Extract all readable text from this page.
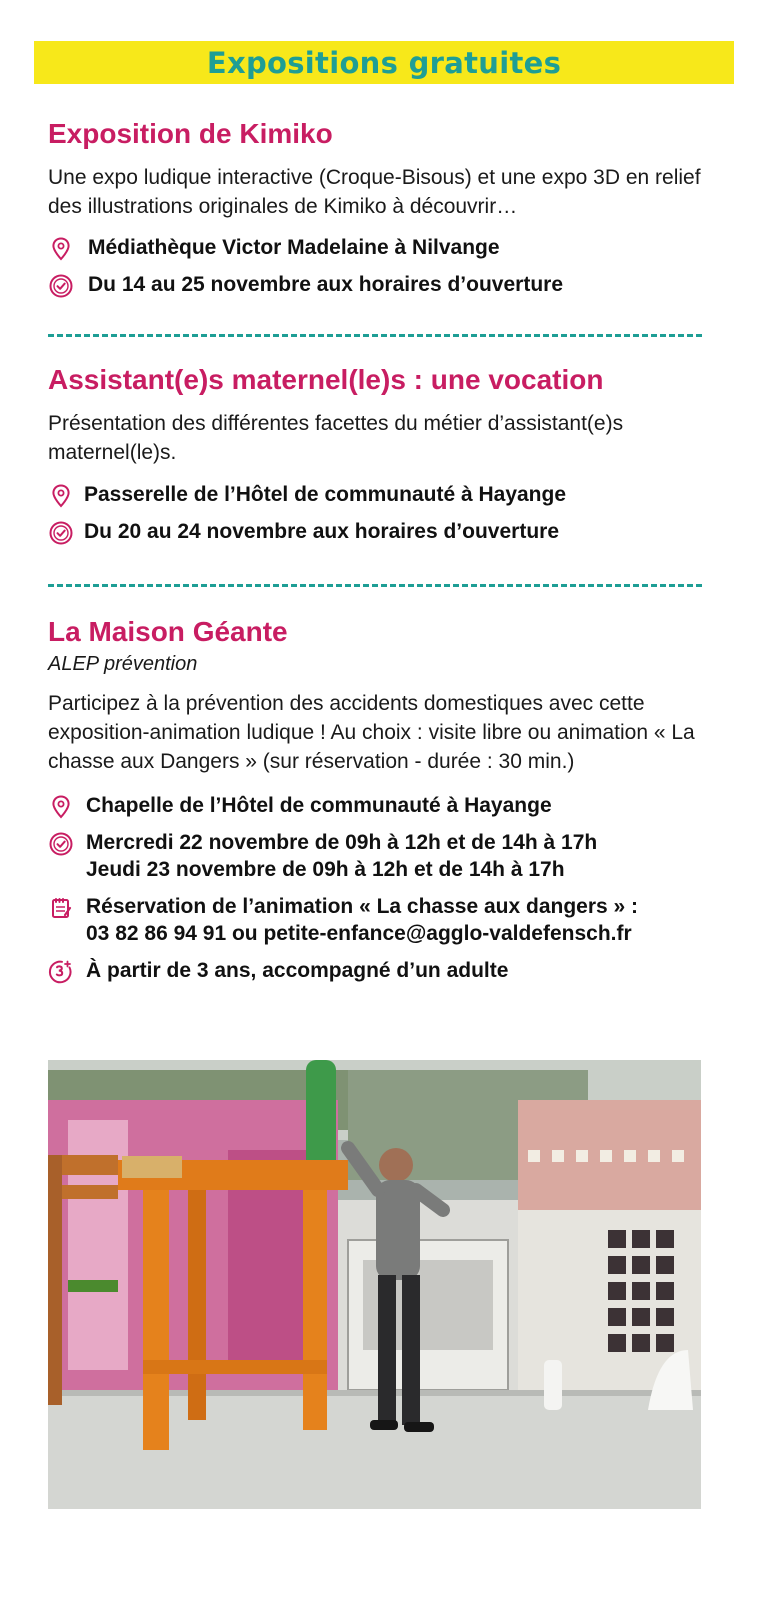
Expositions gratuites
Exposition de Kimiko

Une expo ludique interactive (Croque-Bisous) et une expo 3D en relief des illustrations originales de Kimiko à découvrir…

Médiathèque Victor Madelaine à Nilvange
Du 14 au 25 novembre aux horaires d’ouverture
Assistant(e)s maternel(le)s : une vocation

Présentation des différentes facettes du métier d’assistant(e)s maternel(le)s.

Passerelle de l’Hôtel de communauté à Hayange
Du 20 au 24 novembre aux horaires d’ouverture
La Maison Géante

ALEP prévention

Participez à la prévention des accidents domestiques avec cette exposition-animation ludique ! Au choix : visite libre ou animation « La chasse aux Dangers » (sur réservation - durée : 30 min.)

Chapelle de l’Hôtel de communauté à Hayange
Mercredi 22 novembre de 09h à 12h et de 14h à 17h
Jeudi 23 novembre de 09h à 12h et de 14h à 17h
Réservation de l’animation « La chasse aux dangers » :
03 82 86 94 91 ou petite-enfance@agglo-valdefensch.fr
À partir de 3 ans, accompagné d’un adulte
